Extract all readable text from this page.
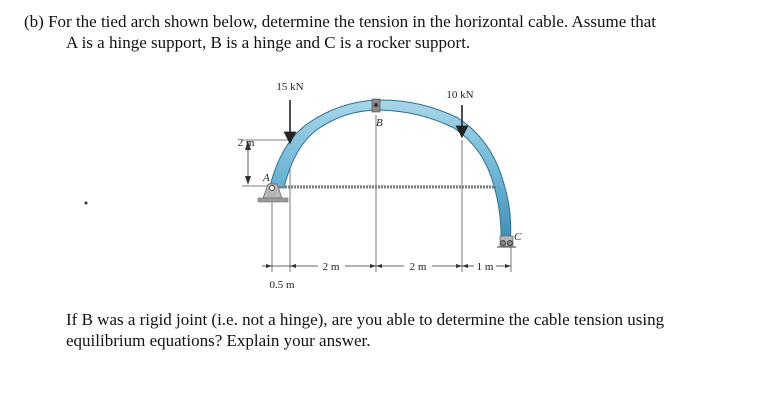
(b) For the tied arch shown below, determine the tension in the horizontal cable. Assume that
A is a hinge support, B is a hinge and C is a rocker support.
2 m
15 kN
10 kN
A
B
C
2 m	2 m	1 m
0.5 m
If B was a rigid joint (i.e. not a hinge), are you able to determine the cable tension using
equilibrium equations? Explain your answer.
